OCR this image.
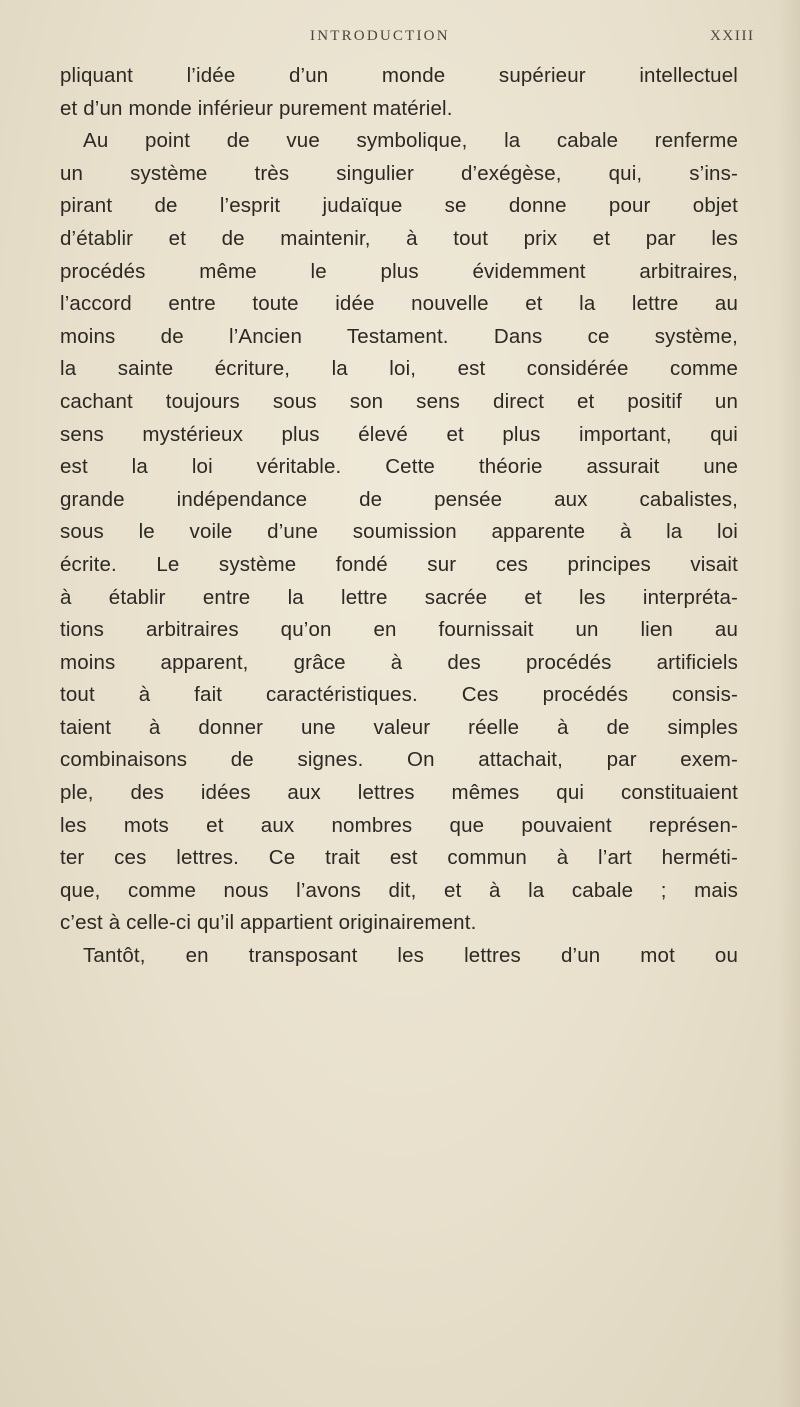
INTRODUCTION	XXIII
pliquant l’idée d’un monde supérieur intellectuel
et d’un monde inférieur purement matériel.
Au point de vue symbolique, la cabale renferme
un système très singulier d’exégèse, qui, s’ins-
pirant de l’esprit judaïque se donne pour objet
d’établir et de maintenir, à tout prix et par les
procédés même le plus évidemment arbitraires,
l’accord entre toute idée nouvelle et la lettre au
moins de l’Ancien Testament. Dans ce système,
la sainte écriture, la loi, est considérée comme
cachant toujours sous son sens direct et positif un
sens mystérieux plus élevé et plus important, qui
est la loi véritable. Cette théorie assurait une
grande indépendance de pensée aux cabalistes,
sous le voile d’une soumission apparente à la loi
écrite. Le système fondé sur ces principes visait
à établir entre la lettre sacrée et les interpréta-
tions arbitraires qu’on en fournissait un lien au
moins apparent, grâce à des procédés artificiels
tout à fait caractéristiques. Ces procédés consis-
taient à donner une valeur réelle à de simples
combinaisons de signes. On attachait, par exem-
ple, des idées aux lettres mêmes qui constituaient
les mots et aux nombres que pouvaient représen-
ter ces lettres. Ce trait est commun à l’art herméti-
que, comme nous l’avons dit, et à la cabale ; mais
c’est à celle-ci qu’il appartient originairement.
Tantôt, en transposant les lettres d’un mot ou
